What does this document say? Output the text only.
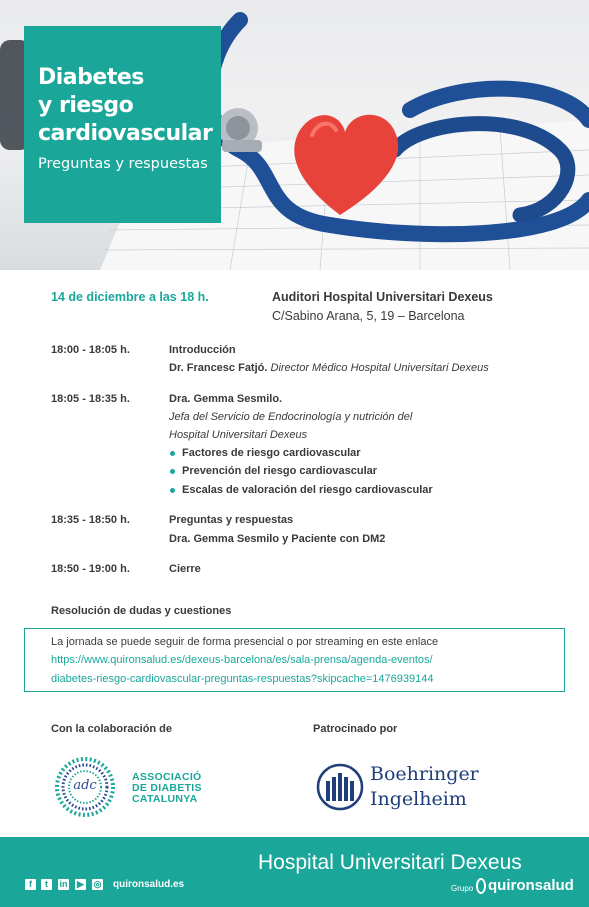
Diabetes
y riesgo
cardiovascular
Preguntas y respuestas
14 de diciembre a las 18 h.	Auditori Hospital Universitari Dexeus
C/Sabino Arana, 5, 19 – Barcelona
18:00 - 18:05 h.	Introducción
Dr. Francesc Fatjó. Director Médico Hospital Universitari Dexeus
18:05 - 18:35 h.	Dra. Gemma Sesmilo.
Jefa del Servicio de Endocrinología y nutrición del
Hospital Universitari Dexeus
Factores de riesgo cardiovascular
Prevención del riesgo cardiovascular
Escalas de valoración del riesgo cardiovascular
18:35 - 18:50 h.	Preguntas y respuestas
Dra. Gemma Sesmilo y Paciente con DM2
18:50 - 19:00 h.	Cierre
Resolución de dudas y cuestiones
La jornada se puede seguir de forma presencial o por streaming en este enlace
https://www.quironsalud.es/dexeus-barcelona/es/sala-prensa/agenda-eventos/
diabetes-riesgo-cardiovascular-preguntas-respuestas?skipcache=1476939144
Con la colaboración de	Patrocinado por
adc
ASSOCIACIÓ
DE DIABETIS
CATALUNYA
Boehringer
Ingelheim
Hospital Universitari Dexeus
Grupo quironsalud
f	t	in ▶ ◎ quironsalud.es
